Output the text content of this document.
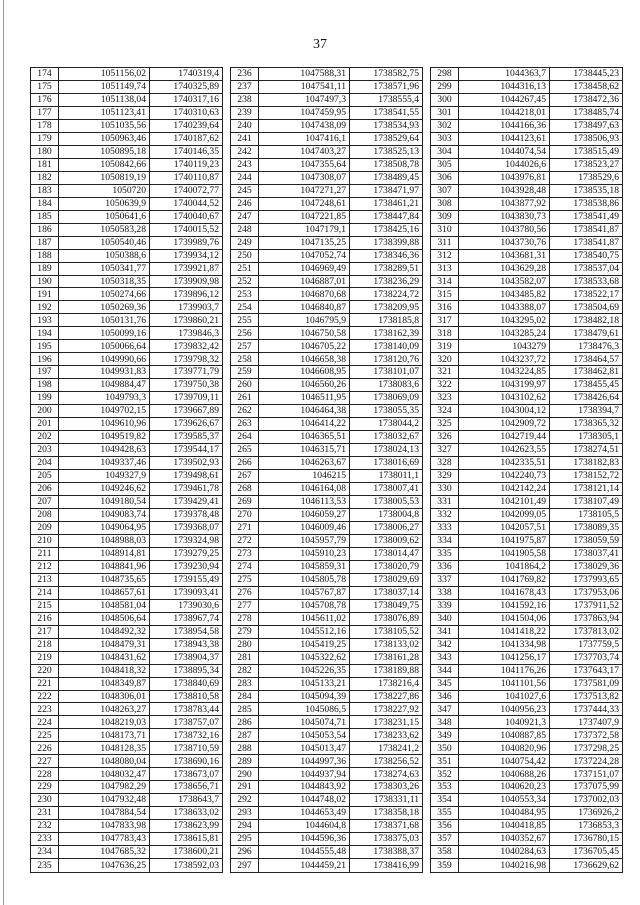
37
174	1051156,02	1740319,4
175	1051149,74	1740325,89
176	1051138,04	1740317,16
177	1051123,41	1740310,63
178	1051035,56	1740239,64
179	1050963,46	1740187,62
180	1050895,18	1740146,35
181	1050842,66	1740119,23
182	1050819,19	1740110,87
183	1050720	1740072,77
184	1050639,9	1740044,52
185	1050641,6	1740040,67
186	1050583,28	1740015,52
187	1050540,46	1739989,76
188	1050388,6	1739934,12
189	1050341,77	1739921,87
190	1050318,35	1739909,98
191	1050274,66	1739896,12
192	1050269,36	1739903,7
193	1050131,76	1739860,21
194	1050099,16	1739846,3
195	1050066,64	1739832,42
196	1049990,66	1739798,32
197	1049931,83	1739771,79
198	1049884,47	1739750,38
199	1049793,3	1739709,11
200	1049702,15	1739667,89
201	1049610,96	1739626,67
202	1049519,82	1739585,37
203	1049428,63	1739544,17
204	1049337,46	1739502,93
205	1049327,9	1739498,61
206	1049246,62	1739461,78
207	1049180,54	1739429,41
208	1049083,74	1739378,48
209	1049064,95	1739368,07
210	1048988,03	1739324,98
211	1048914,81	1739279,25
212	1048841,96	1739230,94
213	1048735,65	1739155,49
214	1048657,61	1739093,41
215	1048581,04	1739030,6
216	1048506,64	1738967,74
217	1048492,32	1738954,58
218	1048479,31	1738943,38
219	1048431,62	1738904,37
220	1048418,32	1738895,34
221	1048349,87	1738840,69
222	1048306,01	1738810,58
223	1048263,27	1738783,44
224	1048219,03	1738757,07
225	1048173,71	1738732,16
226	1048128,35	1738710,59
227	1048080,04	1738690,16
228	1048032,47	1738673,07
229	1047982,29	1738656,71
230	1047932,48	1738643,7
231	1047884,54	1738633,02
232	1047833,98	1738623,99
233	1047783,43	1738615,81
234	1047685,32	1738600,21
235	1047636,25	1738592,03
236	1047588,31	1738582,75
237	1047541,11	1738571,96
238	1047497,3	1738555,4
239	1047459,95	1738541,55
240	1047438,09	1738534,93
241	1047416,1	1738529,64
242	1047403,27	1738525,13
243	1047355,64	1738508,78
244	1047308,07	1738489,45
245	1047271,27	1738471,97
246	1047248,61	1738461,21
247	1047221,85	1738447,84
248	1047179,1	1738425,16
249	1047135,25	1738399,88
250	1047052,74	1738346,36
251	1046969,49	1738289,51
252	1046887,01	1738236,29
253	1046870,68	1738224,72
254	1046840,87	1738209,95
255	1046795,9	1738185,8
256	1046750,58	1738162,39
257	1046705,22	1738140,09
258	1046658,38	1738120,76
259	1046608,95	1738101,07
260	1046560,26	1738083,6
261	1046511,95	1738069,09
262	1046464,38	1738055,35
263	1046414,22	1738044,2
264	1046365,51	1738032,67
265	1046315,71	1738024,13
266	1046263,67	1738016,69
267	1046215	1738011,1
268	1046164,08	1738007,41
269	1046113,53	1738005,53
270	1046059,27	1738004,8
271	1046009,46	1738006,27
272	1045957,79	1738009,62
273	1045910,23	1738014,47
274	1045859,31	1738020,79
275	1045805,78	1738029,69
276	1045767,87	1738037,14
277	1045708,78	1738049,75
278	1045611,02	1738076,89
279	1045512,16	1738105,52
280	1045419,25	1738133,02
281	1045322,62	1738161,28
282	1045226,35	1738189,88
283	1045133,21	1738216,4
284	1045094,39	1738227,86
285	1045086,5	1738227,92
286	1045074,71	1738231,15
287	1045053,54	1738233,62
288	1045013,47	1738241,2
289	1044997,36	1738256,52
290	1044937,94	1738274,63
291	1044843,92	1738303,26
292	1044748,02	1738331,11
293	1044653,49	1738358,18
294	1044604,8	1738371,68
295	1044596,36	1738375,03
296	1044555,48	1738388,37
297	1044459,21	1738416,99
298	1044363,7	1738445,23
299	1044316,13	1738458,62
300	1044267,45	1738472,36
301	1044218,01	1738485,74
302	1044166,36	1738497,63
303	1044123,61	1738506,93
304	1044074,54	1738515,49
305	1044026,6	1738523,27
306	1043976,81	1738529,6
307	1043928,48	1738535,18
308	1043877,92	1738538,86
309	1043830,73	1738541,49
310	1043780,56	1738541,87
311	1043730,76	1738541,87
312	1043681,31	1738540,75
313	1043629,28	1738537,04
314	1043582,07	1738533,68
315	1043485,82	1738522,17
316	1043388,07	1738504,69
317	1043295,02	1738482,18
318	1043285,24	1738479,61
319	1043279	1738476,3
320	1043237,72	1738464,57
321	1043224,85	1738462,81
322	1043199,97	1738455,45
323	1043102,62	1738426,64
324	1043004,12	1738394,7
325	1042909,72	1738365,32
326	1042719,44	1738305,1
327	1042623,55	1738274,51
328	1042335,51	1738182,83
329	1042240,73	1738152,72
330	1042142,24	1738121,14
331	1042101,49	1738107,49
332	1042099,05	1738105,5
333	1042057,51	1738089,35
334	1041975,87	1738059,59
335	1041905,58	1738037,41
336	1041864,2	1738029,36
337	1041769,82	1737993,65
338	1041678,43	1737953,06
339	1041592,16	1737911,52
340	1041504,06	1737863,94
341	1041418,22	1737813,02
342	1041334,98	1737759,5
343	1041256,17	1737703,74
344	1041176,26	1737643,17
345	1041101,56	1737581,09
346	1041027,6	1737513,82
347	1040956,23	1737444,33
348	1040921,3	1737407,9
349	1040887,85	1737372,58
350	1040820,96	1737298,25
351	1040754,42	1737224,28
352	1040688,26	1737151,07
353	1040620,23	1737075,99
354	1040553,34	1737002,03
355	1040484,95	1736926,2
356	1040418,85	1736853,3
357	1040352,67	1736780,15
358	1040284,63	1736705,45
359	1040216,98	1736629,62
